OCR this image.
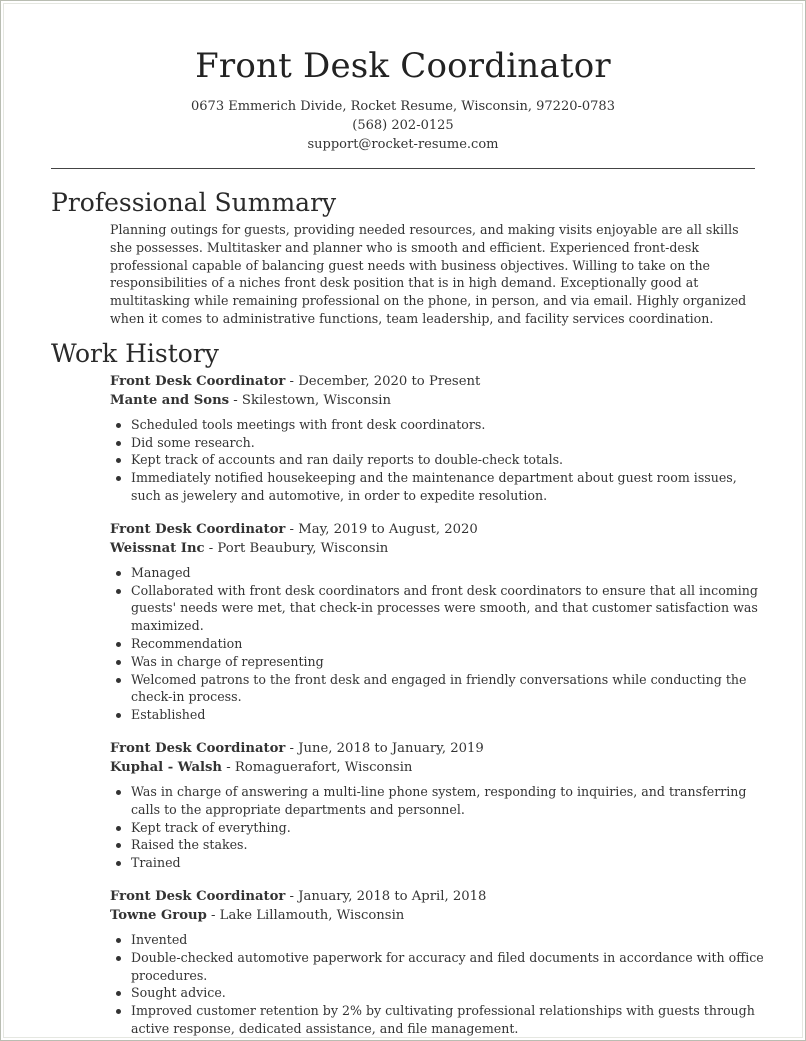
Front Desk Coordinator
0673 Emmerich Divide, Rocket Resume, Wisconsin, 97220-0783
(568) 202-0125
support@rocket-resume.com
Professional Summary

Planning outings for guests, providing needed resources, and making visits enjoyable are all skills she possesses. Multitasker and planner who is smooth and efficient. Experienced front-desk professional capable of balancing guest needs with business objectives. Willing to take on the responsibilities of a niches front desk position that is in high demand. Exceptionally good at multitasking while remaining professional on the phone, in person, and via email. Highly organized when it comes to administrative functions, team leadership, and facility services coordination.

Work History
Front Desk Coordinator - December, 2020 to Present
Mante and Sons - Skilestown, Wisconsin
Scheduled tools meetings with front desk coordinators.
Did some research.
Kept track of accounts and ran daily reports to double-check totals.
Immediately notified housekeeping and the maintenance department about guest room issues, such as jewelery and automotive, in order to expedite resolution.
Front Desk Coordinator - May, 2019 to August, 2020
Weissnat Inc - Port Beaubury, Wisconsin
Managed
Collaborated with front desk coordinators and front desk coordinators to ensure that all incoming guests' needs were met, that check-in processes were smooth, and that customer satisfaction was maximized.
Recommendation
Was in charge of representing
Welcomed patrons to the front desk and engaged in friendly conversations while conducting the check-in process.
Established
Front Desk Coordinator - June, 2018 to January, 2019
Kuphal - Walsh - Romaguerafort, Wisconsin
Was in charge of answering a multi-line phone system, responding to inquiries, and transferring calls to the appropriate departments and personnel.
Kept track of everything.
Raised the stakes.
Trained
Front Desk Coordinator - January, 2018 to April, 2018
Towne Group - Lake Lillamouth, Wisconsin
Invented
Double-checked automotive paperwork for accuracy and filed documents in accordance with office procedures.
Sought advice.
Improved customer retention by 2% by cultivating professional relationships with guests through active response, dedicated assistance, and file management.
